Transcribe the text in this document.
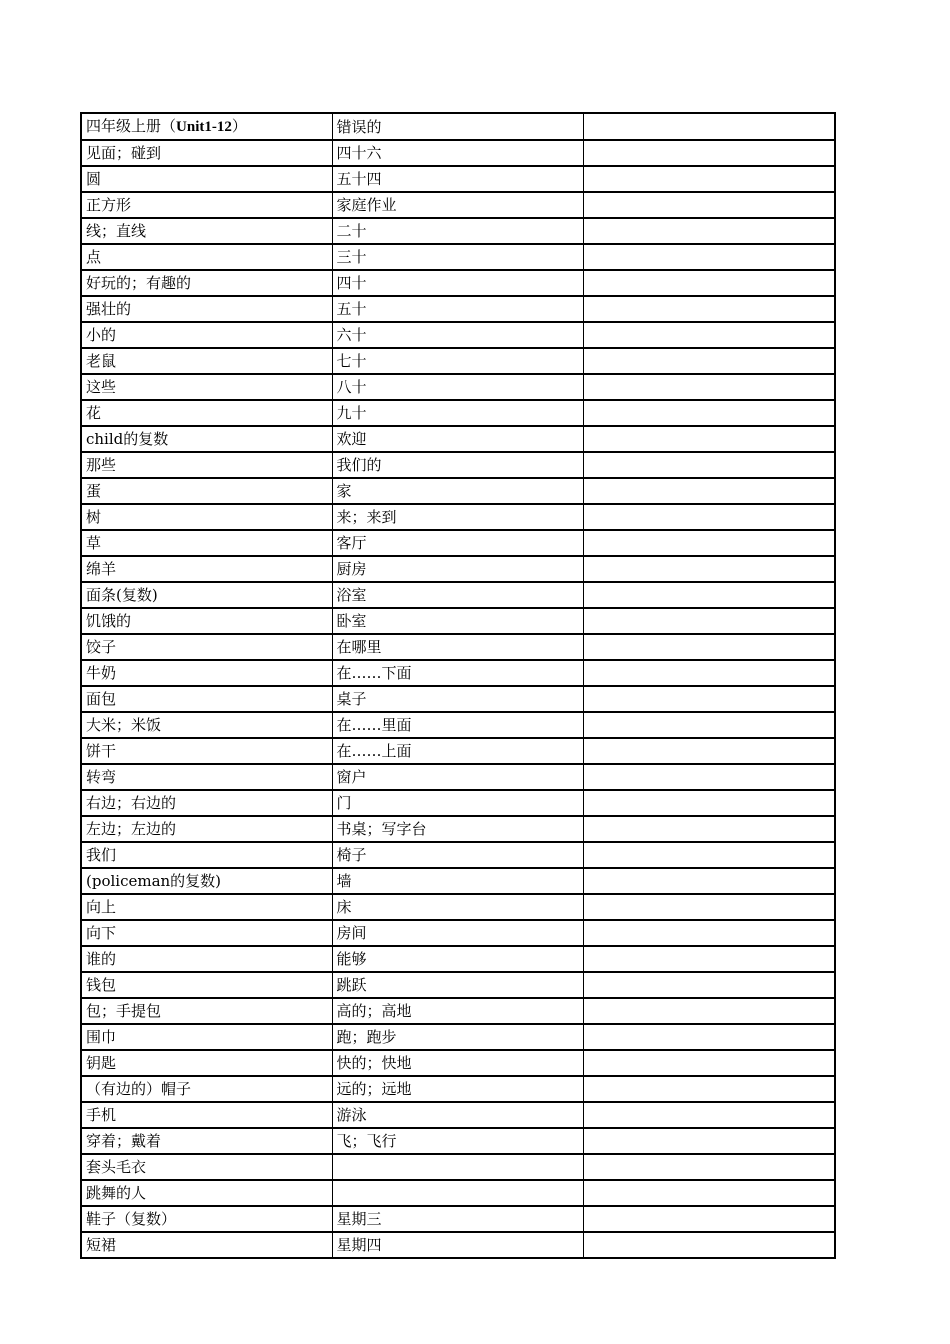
四年级上册（Unit1-12）	错误的	
见面；碰到	四十六	
圆	五十四	
正方形	家庭作业	
线；直线	二十	
点	三十	
好玩的；有趣的	四十	
强壮的	五十	
小的	六十	
老鼠	七十	
这些	八十	
花	九十	
child的复数	欢迎	
那些	我们的	
蛋	家	
树	来；来到	
草	客厅	
绵羊	厨房	
面条(复数)	浴室	
饥饿的	卧室	
饺子	在哪里	
牛奶	在……下面	
面包	桌子	
大米；米饭	在……里面	
饼干	在……上面	
转弯	窗户	
右边；右边的	门	
左边；左边的	书桌；写字台	
我们	椅子	
(policeman的复数)	墙	
向上	床	
向下	房间	
谁的	能够	
钱包	跳跃	
包；手提包	高的；高地	
围巾	跑；跑步	
钥匙	快的；快地	
（有边的）帽子	远的；远地	
手机	游泳	
穿着；戴着	飞；飞行	
套头毛衣		
跳舞的人		
鞋子（复数）	星期三	
短裙	星期四	
